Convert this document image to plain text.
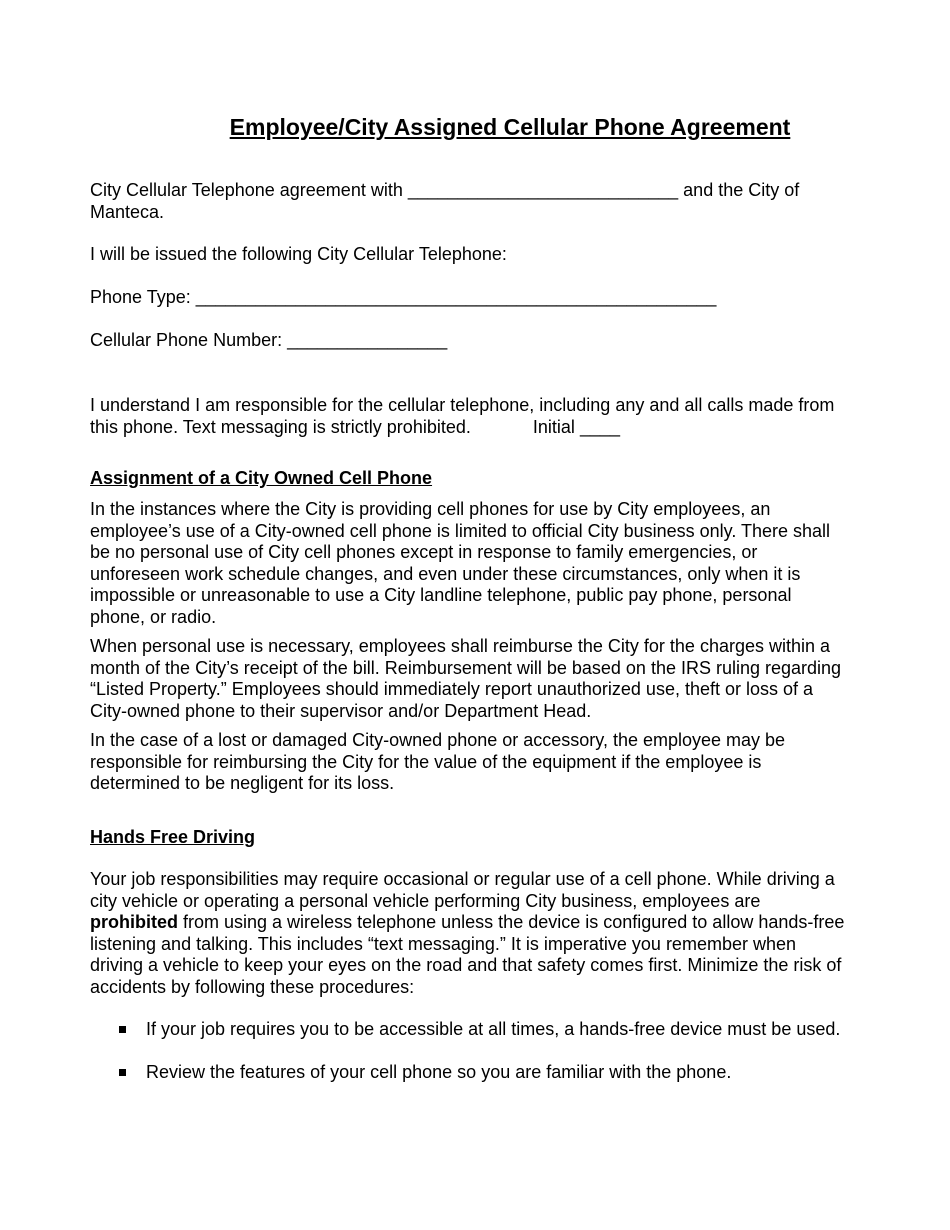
Employee/City Assigned Cellular Phone Agreement
City Cellular Telephone agreement with ___________________________ and the City of Manteca.
I will be issued the following City Cellular Telephone:
Phone Type: ____________________________________________________
Cellular Phone Number: ________________
I understand I am responsible for the cellular telephone, including any and all calls made from this phone. Text messaging is strictly prohibited.	Initial ____
Assignment of a City Owned Cell Phone

In the instances where the City is providing cell phones for use by City employees, an employee’s use of a City-owned cell phone is limited to official City business only. There shall be no personal use of City cell phones except in response to family emergencies, or unforeseen work schedule changes, and even under these circumstances, only when it is impossible or unreasonable to use a City landline telephone, public pay phone, personal phone, or radio.

When personal use is necessary, employees shall reimburse the City for the charges within a month of the City’s receipt of the bill. Reimbursement will be based on the IRS ruling regarding “Listed Property.” Employees should immediately report unauthorized use, theft or loss of a City-owned phone to their supervisor and/or Department Head.

In the case of a lost or damaged City-owned phone or accessory, the employee may be responsible for reimbursing the City for the value of the equipment if the employee is determined to be negligent for its loss.

Hands Free Driving
Your job responsibilities may require occasional or regular use of a cell phone. While driving a city vehicle or operating a personal vehicle performing City business, employees are prohibited from using a wireless telephone unless the device is configured to allow hands-free listening and talking. This includes “text messaging.” It is imperative you remember when driving a vehicle to keep your eyes on the road and that safety comes first. Minimize the risk of accidents by following these procedures:
If your job requires you to be accessible at all times, a hands-free device must be used.
Review the features of your cell phone so you are familiar with the phone.
